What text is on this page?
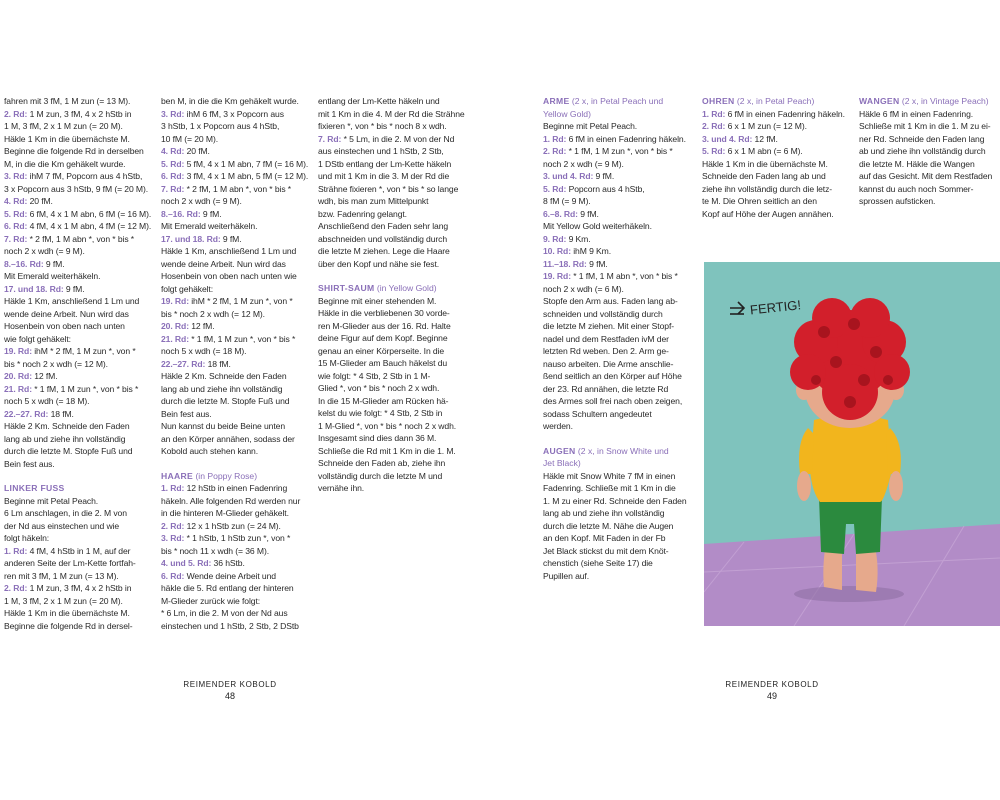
fahren mit 3 fM, 1 M zun (= 13 M).

2. Rd: 1 M zun, 3 fM, 4 x 2 hStb in

1 M, 3 fM, 2 x 1 M zun (= 20 M).

Häkle 1 Km in die übernächste M.

Beginne die folgende Rd in derselben

M, in die die Km gehäkelt wurde.

3. Rd: ihM 7 fM, Popcorn aus 4 hStb,

3 x Popcorn aus 3 hStb, 9 fM (= 20 M).

4. Rd: 20 fM.

5. Rd: 6 fM, 4 x 1 M abn, 6 fM (= 16 M).

6. Rd: 4 fM, 4 x 1 M abn, 4 fM (= 12 M).

7. Rd: * 2 fM, 1 M abn *, von * bis *

noch 2 x wdh (= 9 M).

8.–16. Rd: 9 fM.

Mit Emerald weiterhäkeln.

17. und 18. Rd: 9 fM.

Häkle 1 Km, anschließend 1 Lm und

wende deine Arbeit. Nun wird das

Hosenbein von oben nach unten

wie folgt gehäkelt:

19. Rd: ihM * 2 fM, 1 M zun *, von *

bis * noch 2 x wdh (= 12 M).

20. Rd: 12 fM.

21. Rd: * 1 fM, 1 M zun *, von * bis *

noch 5 x wdh (= 18 M).

22.–27. Rd: 18 fM.

Häkle 2 Km. Schneide den Faden

lang ab und ziehe ihn vollständig

durch die letzte M. Stopfe Fuß und

Bein fest aus.

LINKER FUSS

Beginne mit Petal Peach.

6 Lm anschlagen, in die 2. M von

der Nd aus einstechen und wie

folgt häkeln:

1. Rd: 4 fM, 4 hStb in 1 M, auf der

anderen Seite der Lm-Kette fortfah-

ren mit 3 fM, 1 M zun (= 13 M).

2. Rd: 1 M zun, 3 fM, 4 x 2 hStb in

1 M, 3 fM, 2 x 1 M zun (= 20 M).

Häkle 1 Km in die übernächste M.

Beginne die folgende Rd in dersel-

ben M, in die die Km gehäkelt wurde.

3. Rd: ihM 6 fM, 3 x Popcorn aus

3 hStb, 1 x Popcorn aus 4 hStb,

10 fM (= 20 M).

4. Rd: 20 fM.

5. Rd: 5 fM, 4 x 1 M abn, 7 fM (= 16 M).

6. Rd: 3 fM, 4 x 1 M abn, 5 fM (= 12 M).

7. Rd: * 2 fM, 1 M abn *, von * bis *

noch 2 x wdh (= 9 M).

8.–16. Rd: 9 fM.

Mit Emerald weiterhäkeln.

17. und 18. Rd: 9 fM.

Häkle 1 Km, anschließend 1 Lm und

wende deine Arbeit. Nun wird das

Hosenbein von oben nach unten wie

folgt gehäkelt:

19. Rd: ihM * 2 fM, 1 M zun *, von *

bis * noch 2 x wdh (= 12 M).

20. Rd: 12 fM.

21. Rd: * 1 fM, 1 M zun *, von * bis *

noch 5 x wdh (= 18 M).

22.–27. Rd: 18 fM.

Häkle 2 Km. Schneide den Faden

lang ab und ziehe ihn vollständig

durch die letzte M. Stopfe Fuß und

Bein fest aus.

Nun kannst du beide Beine unten

an den Körper annähen, sodass der

Kobold auch stehen kann.

HAARE (in Poppy Rose)

1. Rd: 12 hStb in einen Fadenring

häkeln. Alle folgenden Rd werden nur

in die hinteren M-Glieder gehäkelt.

2. Rd: 12 x 1 hStb zun (= 24 M).

3. Rd: * 1 hStb, 1 hStb zun *, von *

bis * noch 11 x wdh (= 36 M).

4. und 5. Rd: 36 hStb.

6. Rd: Wende deine Arbeit und

häkle die 5. Rd entlang der hinteren

M-Glieder zurück wie folgt:

* 6 Lm, in die 2. M von der Nd aus

einstechen und 1 hStb, 2 Stb, 2 DStb

entlang der Lm-Kette häkeln und

mit 1 Km in die 4. M der Rd die Strähne

fixieren *, von * bis * noch 8 x wdh.

7. Rd: * 5 Lm, in die 2. M von der Nd

aus einstechen und 1 hStb, 2 Stb,

1 DStb entlang der Lm-Kette häkeln

und mit 1 Km in die 3. M der Rd die

Strähne fixieren *, von * bis * so lange

wdh, bis man zum Mittelpunkt

bzw. Fadenring gelangt.

Anschließend den Faden sehr lang

abschneiden und vollständig durch

die letzte M ziehen. Lege die Haare

über den Kopf und nähe sie fest.

SHIRT-SAUM (in Yellow Gold)

Beginne mit einer stehenden M.

Häkle in die verbliebenen 30 vorde-

ren M-Glieder aus der 16. Rd. Halte

deine Figur auf dem Kopf. Beginne

genau an einer Körperseite. In die

15 M-Glieder am Bauch häkelst du

wie folgt: * 4 Stb, 2 Stb in 1 M-

Glied *, von * bis * noch 2 x wdh.

In die 15 M-Glieder am Rücken hä-

kelst du wie folgt: * 4 Stb, 2 Stb in

1 M-Glied *, von * bis * noch 2 x wdh.

Insgesamt sind dies dann 36 M.

Schließe die Rd mit 1 Km in die 1. M.

Schneide den Faden ab, ziehe ihn

vollständig durch die letzte M und

vernähe ihn.

ARME (2 x, in Petal Peach und

Yellow Gold)

Beginne mit Petal Peach.

1. Rd: 6 fM in einen Fadenring häkeln.

2. Rd: * 1 fM, 1 M zun *, von * bis *

noch 2 x wdh (= 9 M).

3. und 4. Rd: 9 fM.

5. Rd: Popcorn aus 4 hStb,

8 fM (= 9 M).

6.–8. Rd: 9 fM.

Mit Yellow Gold weiterhäkeln.

9. Rd: 9 Km.

10. Rd: ihM 9 Km.

11.–18. Rd: 9 fM.

19. Rd: * 1 fM, 1 M abn *, von * bis *

noch 2 x wdh (= 6 M).

Stopfe den Arm aus. Faden lang ab-

schneiden und vollständig durch

die letzte M ziehen. Mit einer Stopf-

nadel und dem Restfaden ivM der

letzten Rd weben. Den 2. Arm ge-

nauso arbeiten. Die Arme anschlie-

ßend seitlich an den Körper auf Höhe

der 23. Rd annähen, die letzte Rd

des Armes soll frei nach oben zeigen,

sodass Schultern angedeutet

werden.

AUGEN (2 x, in Snow White und

Jet Black)

Häkle mit Snow White 7 fM in einen

Fadenring. Schließe mit 1 Km in die

1. M zu einer Rd. Schneide den Faden

lang ab und ziehe ihn vollständig

durch die letzte M. Nähe die Augen

an den Kopf. Mit Faden in der Fb

Jet Black stickst du mit dem Knöt-

chenstich (siehe Seite 17) die

Pupillen auf.

OHREN (2 x, in Petal Peach)

1. Rd: 6 fM in einen Fadenring häkeln.

2. Rd: 6 x 1 M zun (= 12 M).

3. und 4. Rd: 12 fM.

5. Rd: 6 x 1 M abn (= 6 M).

Häkle 1 Km in die übernächste M.

Schneide den Faden lang ab und

ziehe ihn vollständig durch die letz-

te M. Die Ohren seitlich an den

Kopf auf Höhe der Augen annähen.

WANGEN (2 x, in Vintage Peach)

Häkle 6 fM in einen Fadenring.

Schließe mit 1 Km in die 1. M zu ei-

ner Rd. Schneide den Faden lang

ab und ziehe ihn vollständig durch

die letzte M. Häkle die Wangen

auf das Gesicht. Mit dem Restfaden

kannst du auch noch Sommer-

sprossen aufsticken.

REIMENDER KOBOLD
48
REIMENDER KOBOLD
49
FERTIG!
